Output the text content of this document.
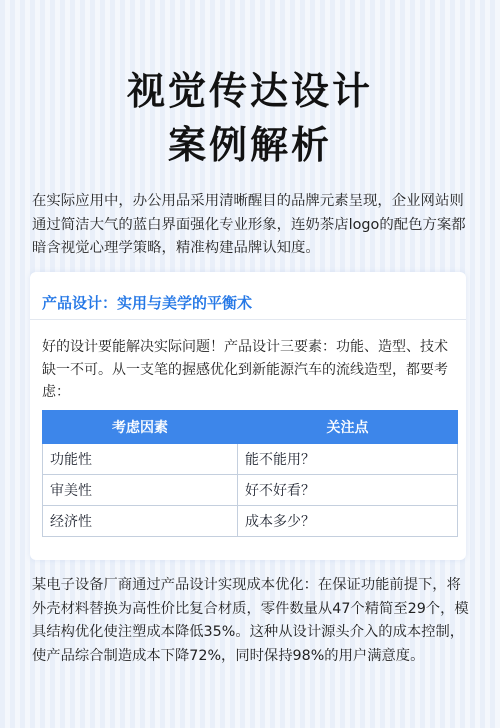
视觉传达设计
案例解析
在实际应用中，办公用品采用清晰醒目的品牌元素呈现，企业网站则通过简洁大气的蓝白界面强化专业形象，连奶茶店logo的配色方案都暗含视觉心理学策略，精准构建品牌认知度。
产品设计：实用与美学的平衡术
好的设计要能解决实际问题！产品设计三要素：功能、造型、技术缺一不可。从一支笔的握感优化到新能源汽车的流线造型，都要考虑：
考虑因素	关注点
功能性	能不能用？
审美性	好不好看？
经济性	成本多少？
某电子设备厂商通过产品设计实现成本优化：在保证功能前提下，将外壳材料替换为高性价比复合材质，零件数量从47个精简至29个，模具结构优化使注塑成本降低35%。这种从设计源头介入的成本控制，使产品综合制造成本下降72%，同时保持98%的用户满意度。
